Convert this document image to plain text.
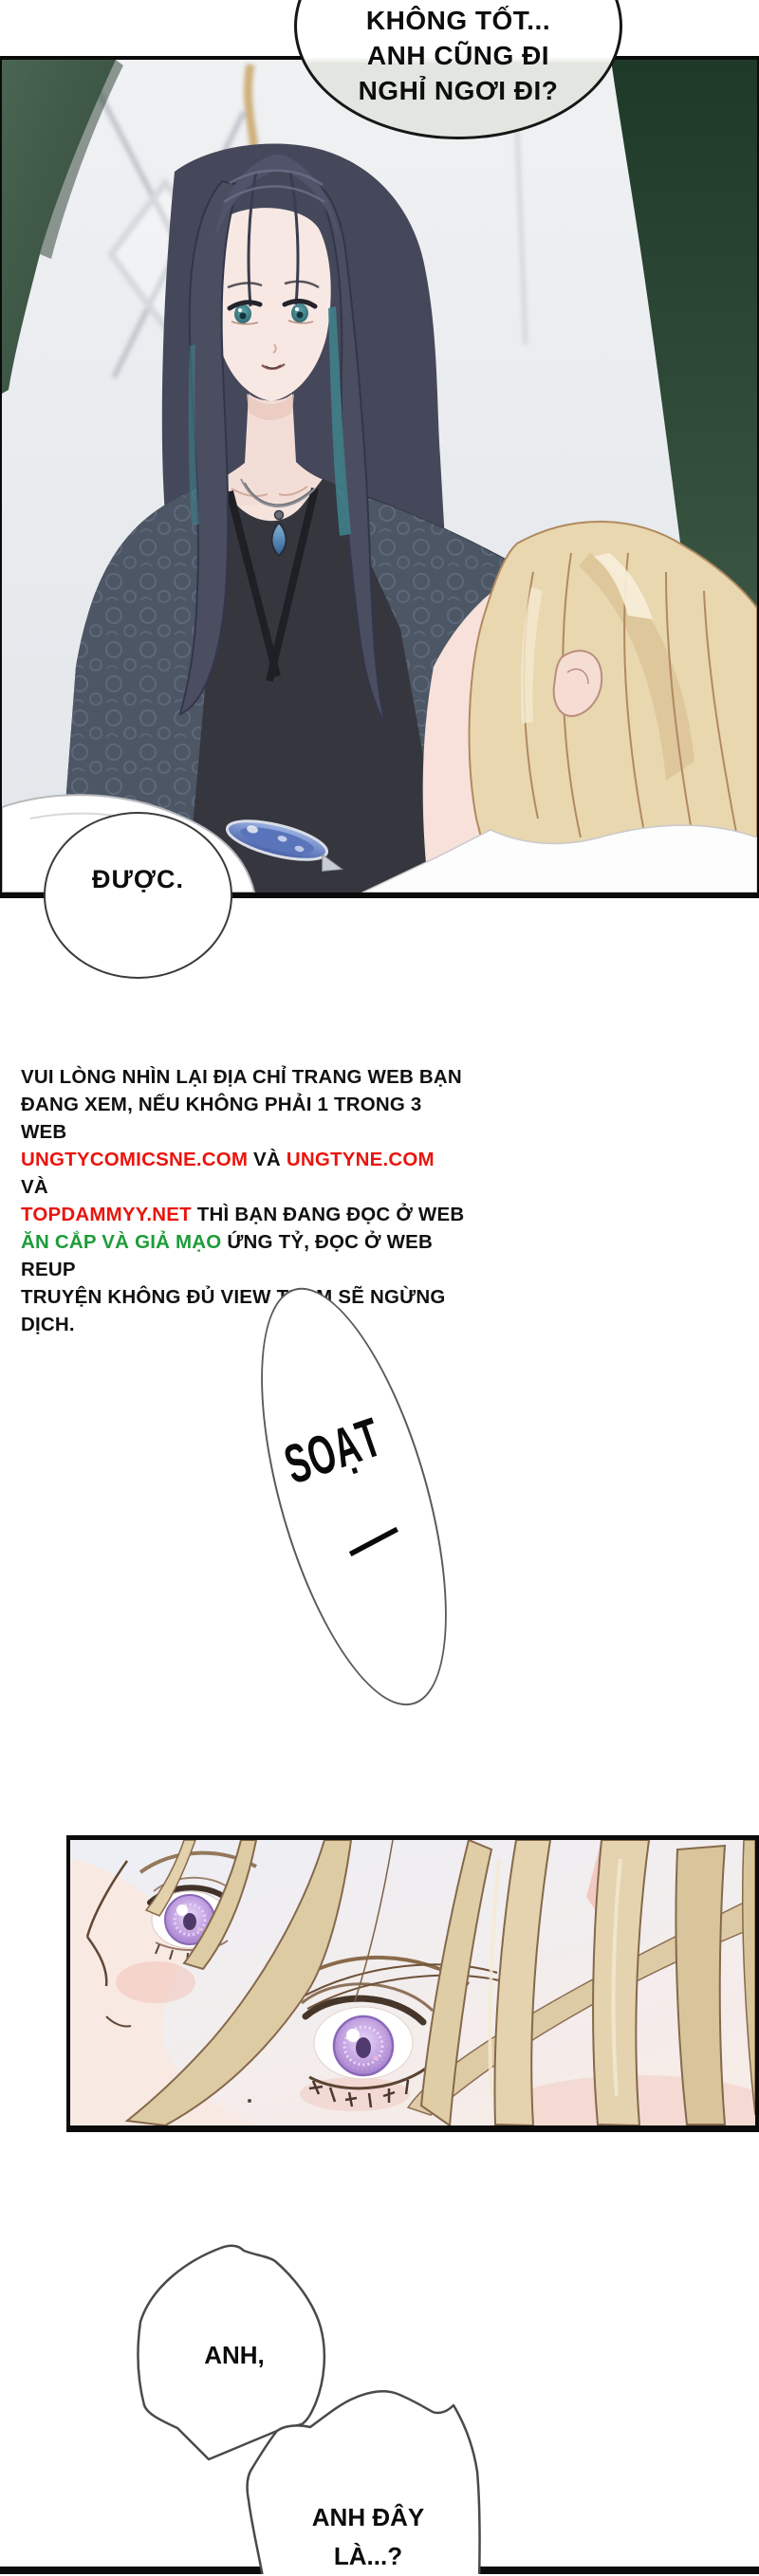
KHÔNG TỐT...
ANH CŨNG ĐI
NGHỈ NGƠI ĐI?
ĐƯỢC.
VUI LÒNG NHÌN LẠI ĐỊA CHỈ TRANG WEB BẠN
ĐANG XEM, NẾU KHÔNG PHẢI 1 TRONG 3 WEB
UNGTYCOMICSNE.COM VÀ UNGTYNE.COM VÀ
TOPDAMMYY.NET THÌ BẠN ĐANG ĐỌC Ở WEB
ĂN CẮP VÀ GIẢ MẠO ỨNG TỶ, ĐỌC Ở WEB REUP
TRUYỆN KHÔNG ĐỦ VIEW TEAM SẼ NGỪNG DỊCH.
SOẠT
ANH,
ANH ĐÂY
LÀ...?
